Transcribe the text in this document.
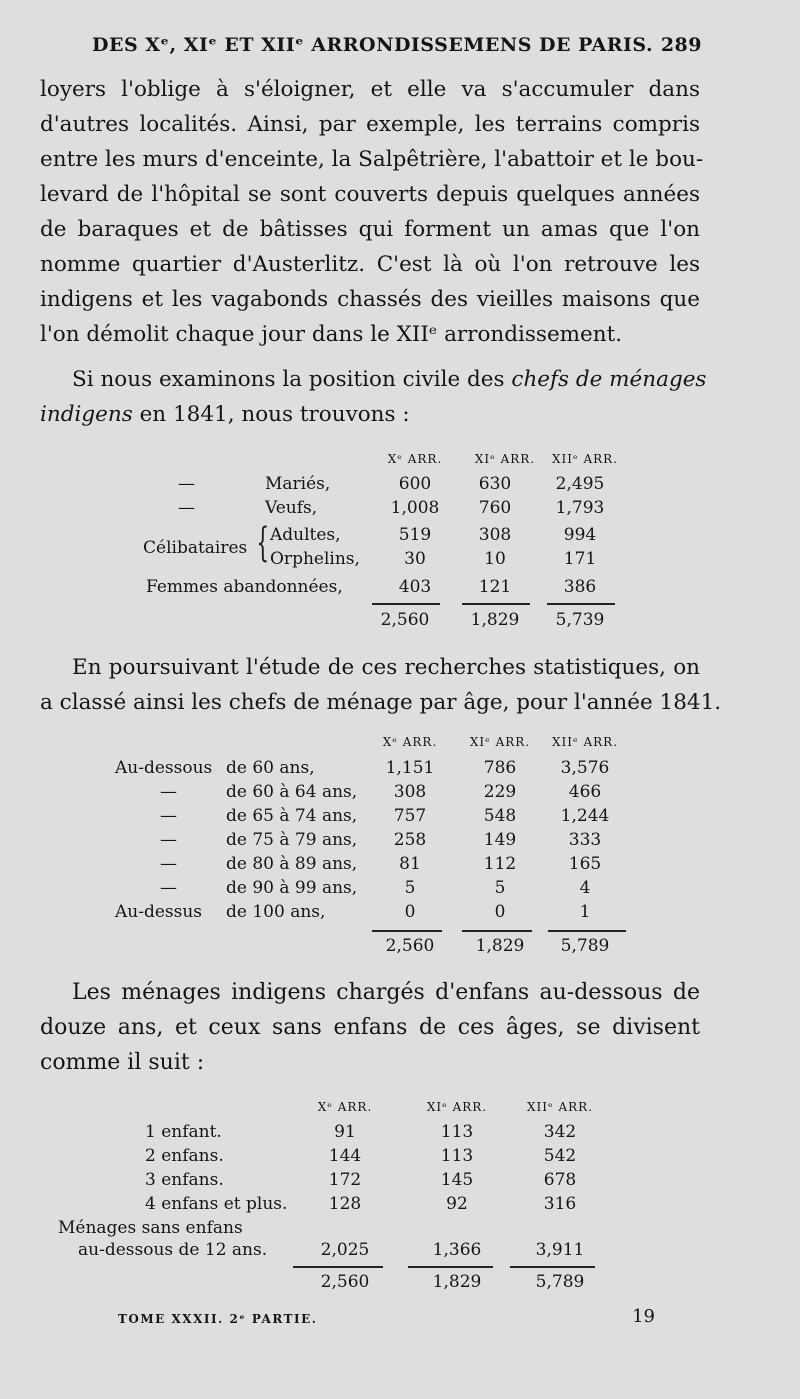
DES Xᵉ, XIᵉ ET XIIᵉ ARRONDISSEMENS DE PARIS. 289
loyers l'oblige à s'éloigner, et elle va s'accumuler dans
d'autres localités. Ainsi, par exemple, les terrains compris
entre les murs d'enceinte, la Salpêtrière, l'abattoir et le bou-
levard de l'hôpital se sont couverts depuis quelques années
de baraques et de bâtisses qui forment un amas que l'on
nomme quartier d'Austerlitz. C'est là où l'on retrouve les
indigens et les vagabonds chassés des vieilles maisons que
l'on démolit chaque jour dans le XIIᵉ arrondissement.
Si nous examinons la position civile des chefs de ménages
indigens en 1841, nous trouvons :
Xᵉ ARR.	XIᵉ ARR.	XIIᵉ ARR.
—	Mariés,	600	630	2,495
—	Veufs,	1,008	760	1,793
Célibataires { Adultes,	519	308	994
Orphelins,	30	10	171
Femmes abandonnées,	403	121	386
2,560	1,829	5,739
En poursuivant l'étude de ces recherches statistiques, on
a classé ainsi les chefs de ménage par âge, pour l'année 1841.
Xᵉ ARR.	XIᵉ ARR.	XIIᵉ ARR.
Au-dessous de 60 ans,	1,151	786	3,576
—	de 60 à 64 ans,	308	229	466
—	de 65 à 74 ans,	757	548	1,244
—	de 75 à 79 ans,	258	149	333
—	de 80 à 89 ans,	81	112	165
—	de 90 à 99 ans,	5	5	4
Au-dessus de 100 ans,	0	0	1
2,560	1,829	5,789
Les ménages indigens chargés d'enfans au-dessous de
douze ans, et ceux sans enfans de ces âges, se divisent
comme il suit :
Xᵉ ARR.	XIᵉ ARR.	XIIᵉ ARR.
1 enfant.	91	113	342
2 enfans.	144	113	542
3 enfans.	172	145	678
4 enfans et plus.	128	92	316
Ménages sans enfans
au-dessous de 12 ans.	2,025	1,366	3,911
2,560	1,829	5,789
TOME XXXII. 2ᵉ PARTIE.	19
